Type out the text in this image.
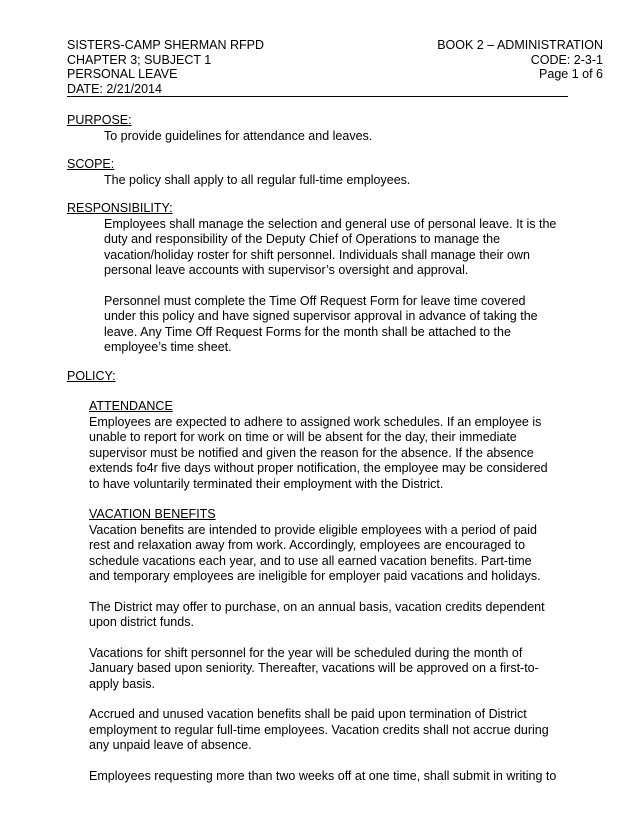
SISTERS-CAMP SHERMAN RFPD	BOOK 2 – ADMINISTRATION
CHAPTER 3; SUBJECT 1	CODE: 2-3-1
PERSONAL LEAVE	Page 1 of 6
DATE: 2/21/2014

PURPOSE:

To provide guidelines for attendance and leaves.

SCOPE:

The policy shall apply to all regular full-time employees.

RESPONSIBILITY:

Employees shall manage the selection and general use of personal leave. It is the

duty and responsibility of the Deputy Chief of Operations to manage the

vacation/holiday roster for shift personnel. Individuals shall manage their own

personal leave accounts with supervisor’s oversight and approval.

Personnel must complete the Time Off Request Form for leave time covered

under this policy and have signed supervisor approval in advance of taking the

leave. Any Time Off Request Forms for the month shall be attached to the

employee’s time sheet.

POLICY:

ATTENDANCE

Employees are expected to adhere to assigned work schedules. If an employee is

unable to report for work on time or will be absent for the day, their immediate

supervisor must be notified and given the reason for the absence. If the absence

extends fo4r five days without proper notification, the employee may be considered

to have voluntarily terminated their employment with the District.

VACATION BENEFITS

Vacation benefits are intended to provide eligible employees with a period of paid

rest and relaxation away from work. Accordingly, employees are encouraged to

schedule vacations each year, and to use all earned vacation benefits. Part-time

and temporary employees are ineligible for employer paid vacations and holidays.

The District may offer to purchase, on an annual basis, vacation credits dependent

upon district funds.

Vacations for shift personnel for the year will be scheduled during the month of

January based upon seniority. Thereafter, vacations will be approved on a first-to-

apply basis.

Accrued and unused vacation benefits shall be paid upon termination of District

employment to regular full-time employees. Vacation credits shall not accrue during

any unpaid leave of absence.

Employees requesting more than two weeks off at one time, shall submit in writing to
